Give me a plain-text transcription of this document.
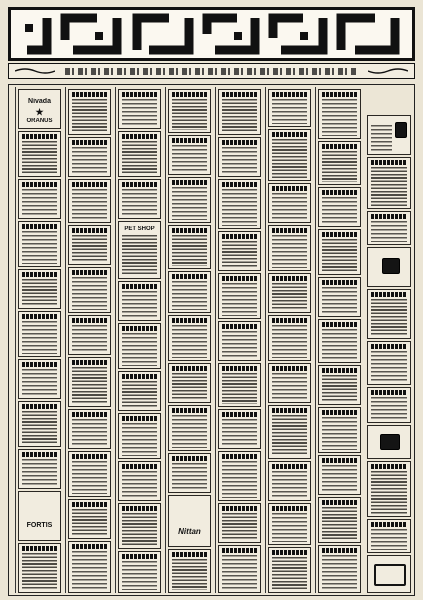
Nittan
PET SHOP
Nivada
★
ORANUS
FORTIS
